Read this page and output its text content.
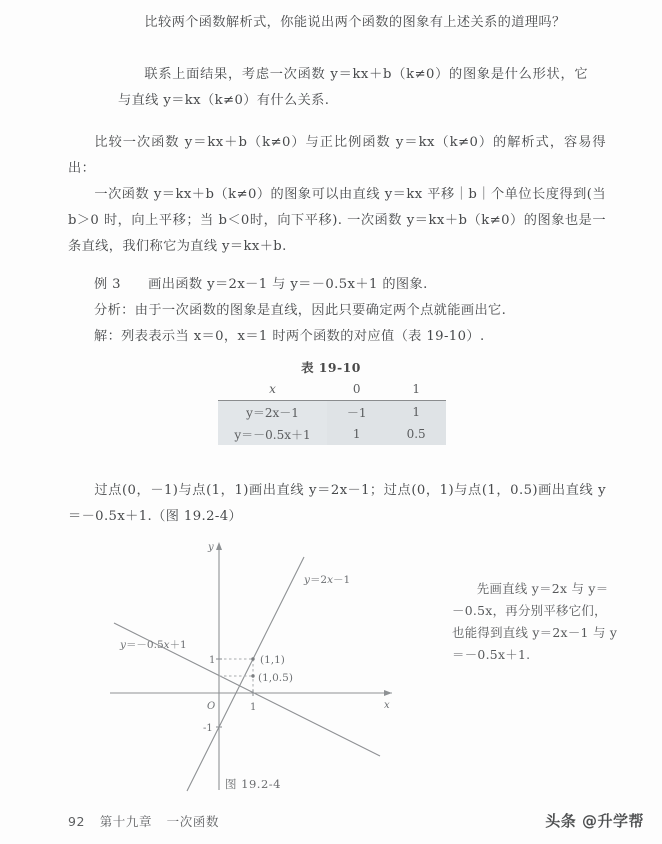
比较两个函数解析式，你能说出两个函数的图象有上述关系的道理吗？
联系上面结果，考虑一次函数 y＝kx＋b（k≠0）的图象是什么形状，它与直线 y＝kx（k≠0）有什么关系.
比较一次函数 y＝kx＋b（k≠0）与正比例函数 y＝kx（k≠0）的解析式，容易得出：
一次函数 y＝kx＋b（k≠0）的图象可以由直线 y＝kx 平移｜b｜个单位长度得到(当 b＞0 时，向上平移；当 b＜0时，向下平移). 一次函数 y＝kx＋b（k≠0）的图象也是一条直线，我们称它为直线 y＝kx＋b.
例 3 画出函数 y＝2x－1 与 y＝－0.5x＋1 的图象.
分析：由于一次函数的图象是直线，因此只要确定两个点就能画出它.
解：列表表示当 x＝0，x＝1 时两个函数的对应值（表 19-10）.
表 19-10
x	0	1
y＝2x－1	－1	1
y＝－0.5x＋1	1	0.5
过点(0，－1)与点(1，1)画出直线 y＝2x－1；过点(0，1)与点(1，0.5)画出直线 y＝－0.5x＋1.（图 19.2-4）
y
x
O	1
1
-1
y＝2x－1
y＝－0.5x＋1
(1,1)
(1,0.5)
图 19.2-4
先画直线 y＝2x 与 y＝－0.5x，再分别平移它们，也能得到直线 y＝2x－1 与 y＝－0.5x＋1.
92 第十九章 一次函数	头条 @升学帮
